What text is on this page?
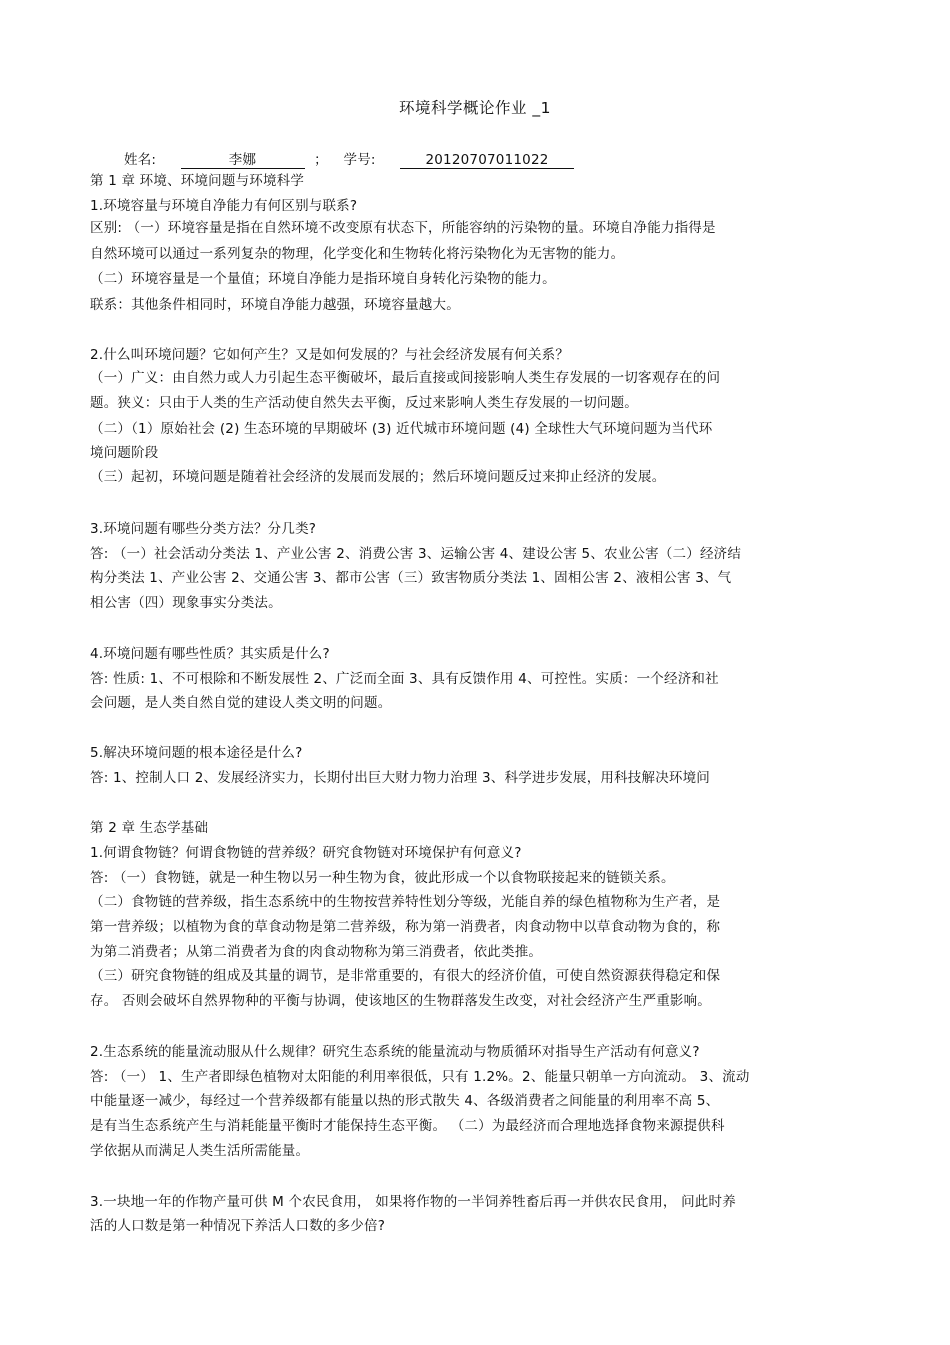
环境科学概论作业 _1
姓名:	李娜	； 学号:	20120707011022
第 1 章 环境、环境问题与环境科学
1.环境容量与环境自净能力有何区别与联系?
区别: （一）环境容量是指在自然环境不改变原有状态下，所能容纳的污染物的量。环境自净能力指得是
自然环境可以通过一系列复杂的物理，化学变化和生物转化将污染物化为无害物的能力。
（二）环境容量是一个量值；环境自净能力是指环境自身转化污染物的能力。
联系：其他条件相同时，环境自净能力越强，环境容量越大。
2.什么叫环境问题？它如何产生？又是如何发展的？与社会经济发展有何关系？
（一）广义：由自然力或人力引起生态平衡破坏，最后直接或间接影响人类生存发展的一切客观存在的问
题。狭义：只由于人类的生产活动使自然失去平衡，反过来影响人类生存发展的一切问题。
（二）（1）原始社会 (2) 生态环境的早期破坏 (3) 近代城市环境问题 (4) 全球性大气环境问题为当代环
境问题阶段
（三）起初，环境问题是随着社会经济的发展而发展的；然后环境问题反过来抑止经济的发展。
3.环境问题有哪些分类方法？分几类?
答: （一）社会活动分类法 1、产业公害 2、消费公害 3、运输公害 4、建设公害 5、农业公害（二）经济结
构分类法 1、产业公害 2、交通公害 3、都市公害（三）致害物质分类法 1、固相公害 2、液相公害 3、气
相公害（四）现象事实分类法。
4.环境问题有哪些性质？其实质是什么?
答: 性质: 1、不可根除和不断发展性 2、广泛而全面 3、具有反馈作用 4、可控性。实质：一个经济和社
会问题，是人类自然自觉的建设人类文明的问题。
5.解决环境问题的根本途径是什么?
答: 1、控制人口 2、发展经济实力，长期付出巨大财力物力治理 3、科学进步发展，用科技解决环境问
第 2 章 生态学基础
1.何谓食物链？何谓食物链的营养级？研究食物链对环境保护有何意义?
答: （一）食物链，就是一种生物以另一种生物为食，彼此形成一个以食物联接起来的链锁关系。
（二）食物链的营养级，指生态系统中的生物按营养特性划分等级，光能自养的绿色植物称为生产者，是
第一营养级；以植物为食的草食动物是第二营养级，称为第一消费者，肉食动物中以草食动物为食的，称
为第二消费者；从第二消费者为食的肉食动物称为第三消费者，依此类推。
（三）研究食物链的组成及其量的调节，是非常重要的，有很大的经济价值，可使自然资源获得稳定和保
存。 否则会破坏自然界物种的平衡与协调，使该地区的生物群落发生改变，对社会经济产生严重影响。
2.生态系统的能量流动服从什么规律？研究生态系统的能量流动与物质循环对指导生产活动有何意义?
答: （一） 1、生产者即绿色植物对太阳能的利用率很低，只有 1.2%。2、能量只朝单一方向流动。 3、流动
中能量逐一减少，每经过一个营养级都有能量以热的形式散失 4、各级消费者之间能量的利用率不高 5、
是有当生态系统产生与消耗能量平衡时才能保持生态平衡。 （二）为最经济而合理地选择食物来源提供科
学依据从而满足人类生活所需能量。
3.一块地一年的作物产量可供 M 个农民食用， 如果将作物的一半饲养牲畜后再一并供农民食用， 问此时养
活的人口数是第一种情况下养活人口数的多少倍?
